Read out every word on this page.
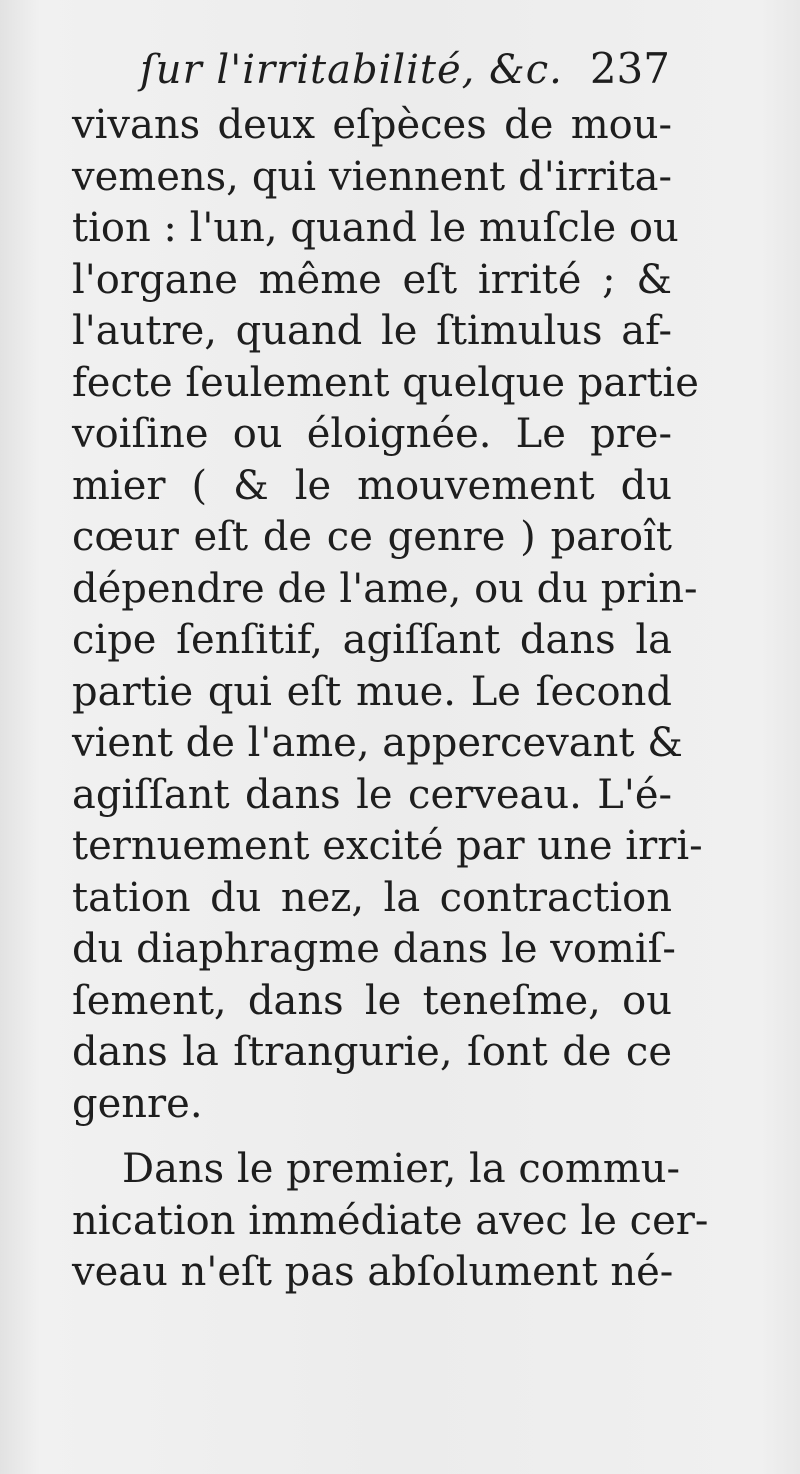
ſur l'irritabilité, &c. 237
vivans deux eſpèces de mou-
vemens, qui viennent d'irrita-
tion : l'un, quand le muſcle ou
l'organe même eſt irrité ; &
l'autre, quand le ſtimulus af-
fecte ſeulement quelque partie
voiſine ou éloignée. Le pre-
mier ( & le mouvement du
cœur eſt de ce genre ) paroît
dépendre de l'ame, ou du prin-
cipe ſenſitif, agiſſant dans la
partie qui eſt mue. Le ſecond
vient de l'ame, appercevant &
agiſſant dans le cerveau. L'é-
ternuement excité par une irri-
tation du nez, la contraction
du diaphragme dans le vomiſ-
ſement, dans le teneſme, ou
dans la ſtrangurie, ſont de ce
genre.
Dans le premier, la commu-
nication immédiate avec le cer-
veau n'eſt pas abſolument né-
